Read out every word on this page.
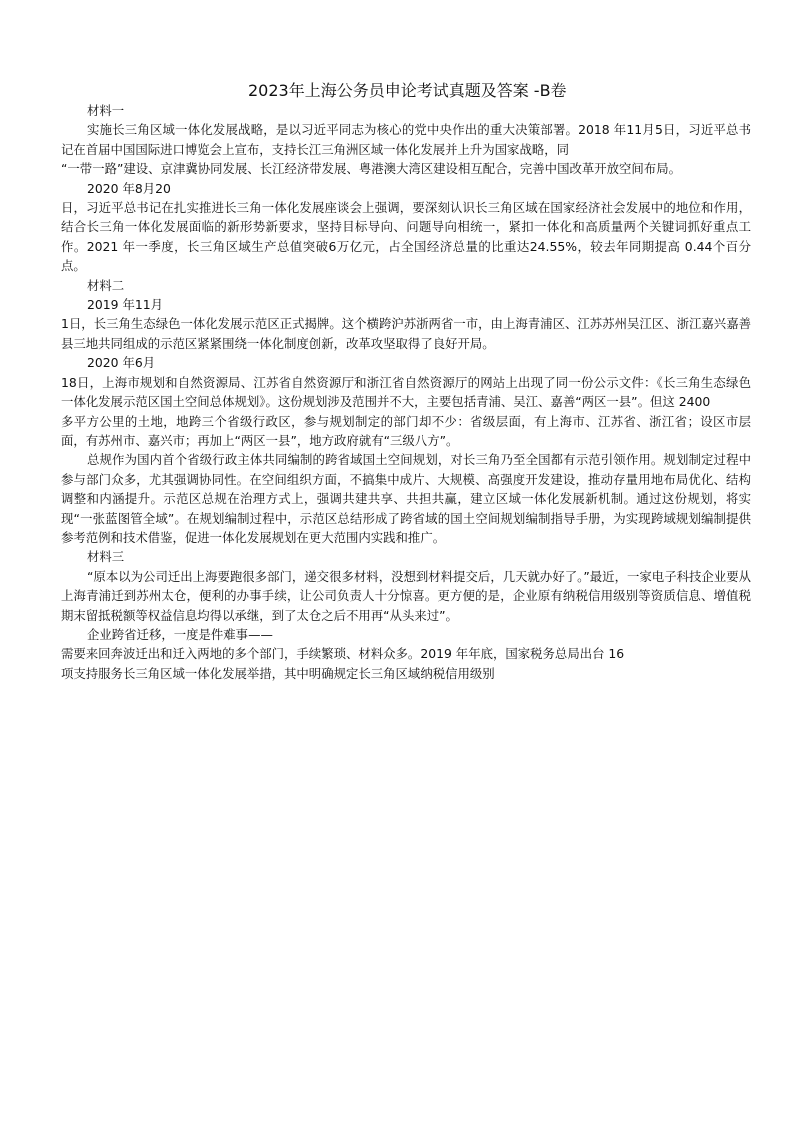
2023年上海公务员申论考试真题及答案 -B卷

材料一

实施长三角区域一体化发展战略，是以习近平同志为核心的党中央作出的重大决策部署。2018 年11月5日，习近平总书记在首届中国国际进口博览会上宣布，支持长江三角洲区域一体化发展并上升为国家战略，同

“一带一路”建设、京津冀协同发展、长江经济带发展、粤港澳大湾区建设相互配合，完善中国改革开放空间布局。

2020 年8月20

日，习近平总书记在扎实推进长三角一体化发展座谈会上强调，要深刻认识长三角区域在国家经济社会发展中的地位和作用，结合长三角一体化发展面临的新形势新要求，坚持目标导向、问题导向相统一，紧扣一体化和高质量两个关键词抓好重点工作。2021 年一季度，长三角区域生产总值突破6万亿元，占全国经济总量的比重达24.55%，较去年同期提高 0.44个百分点。

材料二

2019 年11月

1日，长三角生态绿色一体化发展示范区正式揭牌。这个横跨沪苏浙两省一市，由上海青浦区、江苏苏州吴江区、浙江嘉兴嘉善县三地共同组成的示范区紧紧围绕一体化制度创新，改革攻坚取得了良好开局。

2020 年6月

18日，上海市规划和自然资源局、江苏省自然资源厅和浙江省自然资源厅的网站上出现了同一份公示文件：《长三角生态绿色一体化发展示范区国土空间总体规划》。这份规划涉及范围并不大，主要包括青浦、吴江、嘉善“两区一县”。但这 2400

多平方公里的土地，地跨三个省级行政区，参与规划制定的部门却不少：省级层面，有上海市、江苏省、浙江省；设区市层面，有苏州市、嘉兴市；再加上“两区一县”，地方政府就有“三级八方”。

总规作为国内首个省级行政主体共同编制的跨省域国土空间规划，对长三角乃至全国都有示范引领作用。规划制定过程中参与部门众多，尤其强调协同性。在空间组织方面，不搞集中成片、大规模、高强度开发建设，推动存量用地布局优化、结构调整和内涵提升。示范区总规在治理方式上，强调共建共享、共担共赢，建立区域一体化发展新机制。通过这份规划，将实现“一张蓝图管全域”。在规划编制过程中，示范区总结形成了跨省域的国土空间规划编制指导手册，为实现跨域规划编制提供参考范例和技术借鉴，促进一体化发展规划在更大范围内实践和推广。

材料三

“原本以为公司迁出上海要跑很多部门，递交很多材料，没想到材料提交后，几天就办好了。”最近，一家电子科技企业要从上海青浦迁到苏州太仓，便利的办事手续，让公司负责人十分惊喜。更方便的是，企业原有纳税信用级别等资质信息、增值税期末留抵税额等权益信息均得以承继，到了太仓之后不用再“从头来过”。

企业跨省迁移，一度是件难事——

需要来回奔波迁出和迁入两地的多个部门，手续繁琐、材料众多。2019 年年底，国家税务总局出台 16

项支持服务长三角区域一体化发展举措，其中明确规定长三角区域纳税信用级别
